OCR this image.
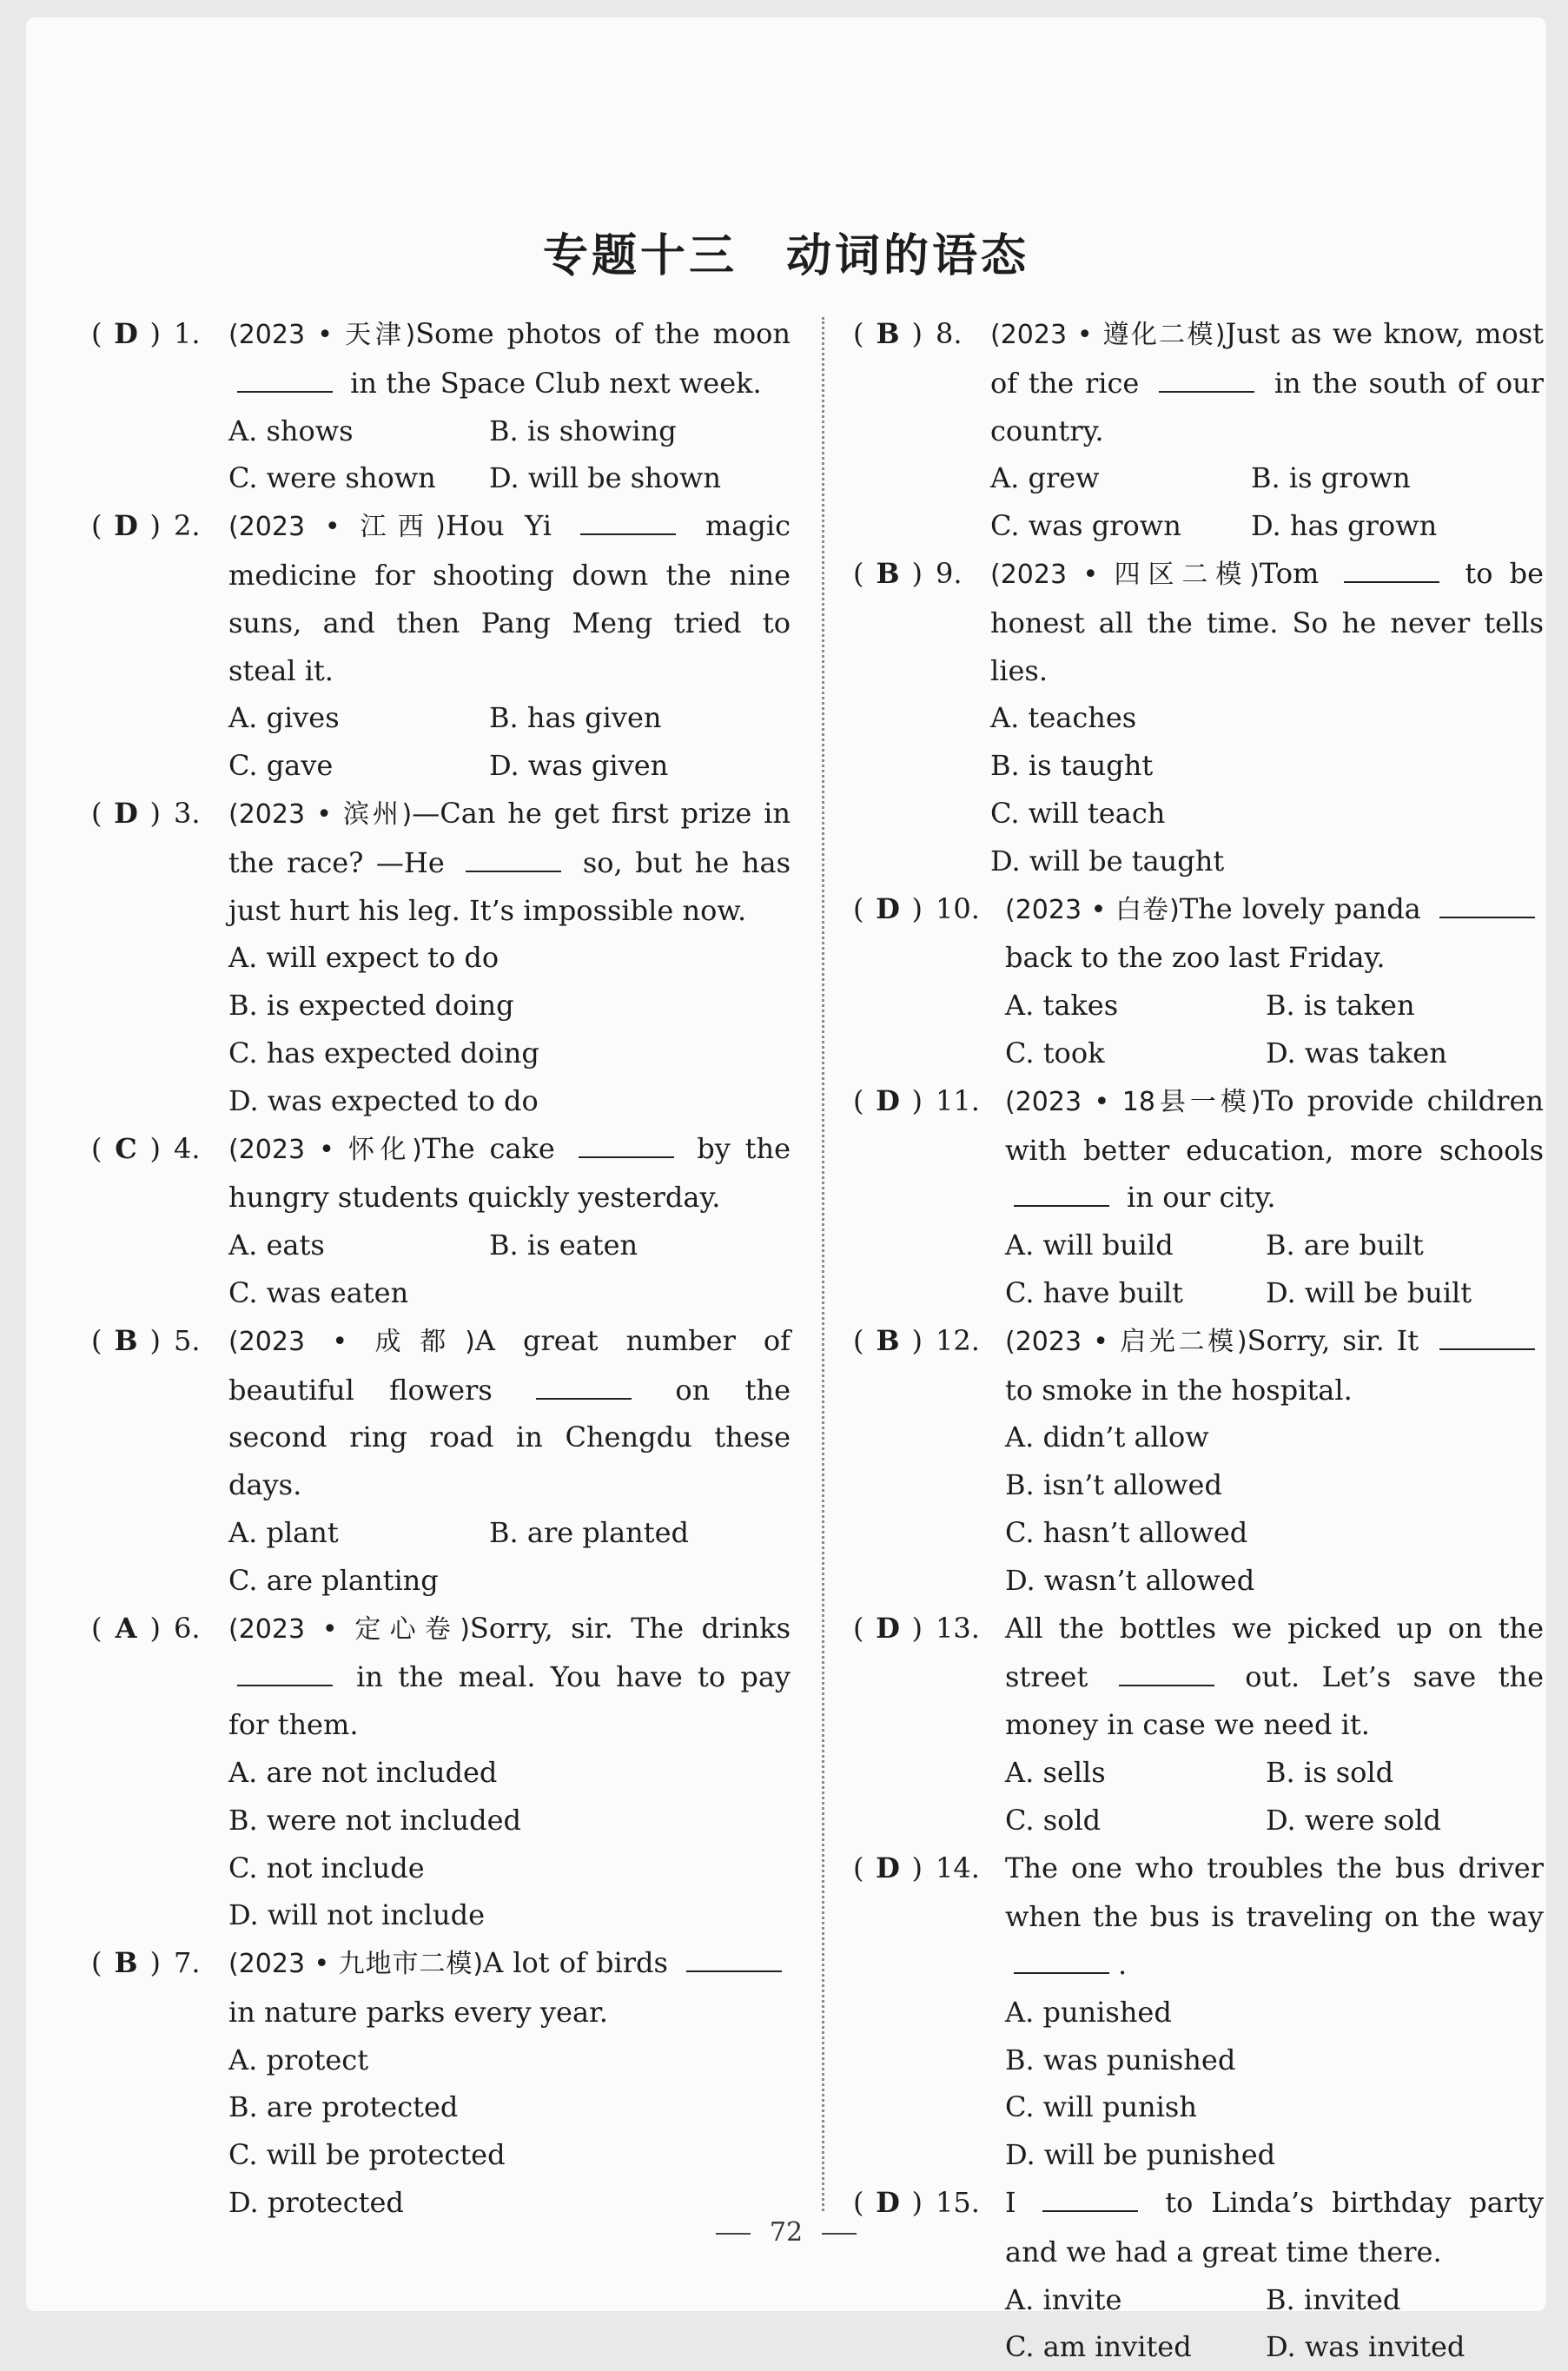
专题十三 动词的语态
( D ) 1. (2023 • 天津)Some photos of the moon  in the Space Club next week.
A. shows	B. is showing
C. were shown	D. will be shown
( D ) 2. (2023 • 江西)Hou Yi	magic medicine for shooting down the nine suns, and then Pang Meng tried to steal it.
A. gives	B. has given
C. gave	D. was given
( D ) 3. (2023 • 滨州)—Can he get first prize in the race? —He	so, but he has just hurt his leg. It’s impossible now.
A. will expect to do
B. is expected doing
C. has expected doing
D. was expected to do
( C ) 4. (2023 • 怀化)The cake	by the hungry students quickly yesterday.
A. eats	B. is eaten
C. was eaten
( B ) 5. (2023 • 成都)A great number of beautiful flowers	on the second ring road in Chengdu these days.
A. plant	B. are planted
C. are planting
( A ) 6. (2023 • 定心卷)Sorry, sir. The drinks  in the meal. You have to pay for them.
A. are not included
B. were not included
C. not include
D. will not include
( B ) 7. (2023 • 九地市二模)A lot of birds  in nature parks every year.
A. protect
B. are protected
C. will be protected
D. protected
( B ) 8. (2023 • 遵化二模)Just as we know, most of the rice	in the south of our country.
A. grew	B. is grown
C. was grown	D. has grown
( B ) 9. (2023 • 四区二模)Tom	to be honest all the time. So he never tells lies.
A. teaches
B. is taught
C. will teach
D. will be taught
( D ) 10. (2023 • 白卷)The lovely panda  back to the zoo last Friday.
A. takes	B. is taken
C. took	D. was taken
( D ) 11. (2023 • 18县一模)To provide children with better education, more schools  in our city.
A. will build	B. are built
C. have built	D. will be built
( B ) 12. (2023 • 启光二模)Sorry, sir. It  to smoke in the hospital.
A. didn’t allow
B. isn’t allowed
C. hasn’t allowed
D. wasn’t allowed
( D ) 13. All the bottles we picked up on the street	out. Let’s save the money in case we need it.
A. sells	B. is sold
C. sold	D. were sold
( D ) 14. The one who troubles the bus driver when the bus is traveling on the way .
A. punished
B. was punished
C. will punish
D. will be punished
( D ) 15. I	to Linda’s birthday party and we had a great time there.
A. invite	B. invited
C. am invited	D. was invited
72
